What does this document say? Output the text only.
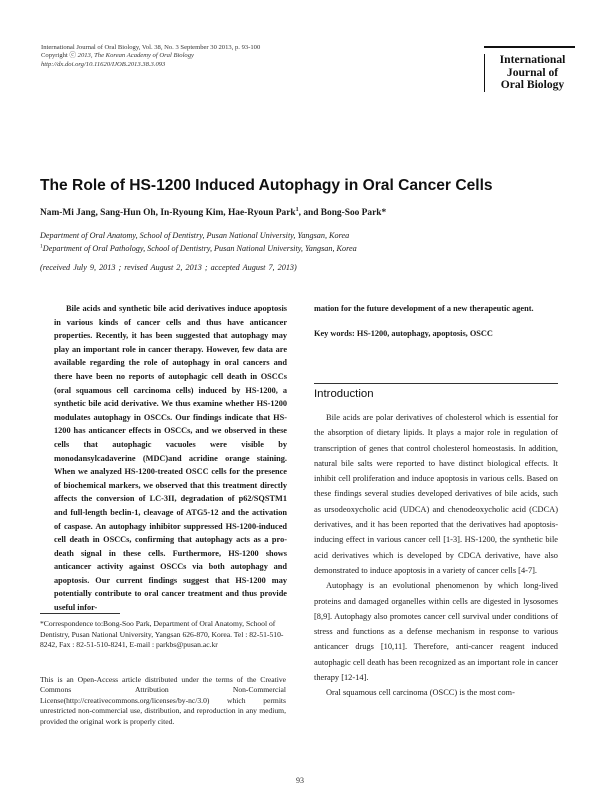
International Journal of Oral Biology, Vol. 38, No. 3 September 30 2013, p. 93-100
Copyright ⓒ 2013, The Korean Academy of Oral Biology
http://dx.doi.org/10.11620/IJOB.2013.38.3.093	International
Journal of
Oral Biology
The Role of HS-1200 Induced Autophagy in Oral Cancer Cells
Nam-Mi Jang, Sang-Hun Oh, In-Ryoung Kim, Hae-Ryoun Park$^1$, and Bong-Soo Park*
Department of Oral Anatomy, School of Dentistry, Pusan National University, Yangsan, Korea
$^1$Department of Oral Pathology, School of Dentistry, Pusan National University, Yangsan, Korea
(received July 9, 2013 ; revised August 2, 2013 ; accepted August 7, 2013)

Bile acids and synthetic bile acid derivatives induce apoptosis in various kinds of cancer cells and thus have anticancer properties. Recently, it has been suggested that autophagy may play an important role in cancer therapy. However, few data are available regarding the role of autophagy in oral cancers and there have been no reports of autophagic cell death in OSCCs (oral squamous cell carcinoma cells) induced by HS-1200, a synthetic bile acid derivative. We thus examine whether HS-1200 modulates autophagy in OSCCs. Our findings indicate that HS-1200 has anticancer effects in OSCCs, and we observed in these cells that autophagic vacuoles were visible by monodansylcadaverine (MDC)and acridine orange staining. When we analyzed HS-1200-treated OSCC cells for the presence of biochemical markers, we observed that this treatment directly affects the conversion of LC-3II, degradation of p62/SQSTM1 and full-length beclin-1, cleavage of ATG5-12 and the activation of caspase. An autophagy inhibitor suppressed HS-1200-induced cell death in OSCCs, confirming that autophagy acts as a pro-death signal in these cells. Furthermore, HS-1200 shows anticancer activity against OSCCs via both autophagy and apoptosis. Our current findings suggest that HS-1200 may potentially contribute to oral cancer treatment and thus provide useful infor-

*Correspondence to:Bong-Soo Park, Department of Oral Anatomy, School of Dentistry, Pusan National University, Yangsan 626-870, Korea. Tel : 82-51-510-8242, Fax : 82-51-510-8241, E-mail : parkbs@pusan.ac.kr
This is an Open-Access article distributed under the terms of the Creative Commons Attribution Non-Commercial License(http://creativecommons.org/licenses/by-nc/3.0) which permits unrestricted non-commercial use, distribution, and reproduction in any medium, provided the original work is properly cited.
mation for the future development of a new therapeutic agent.
Key words: HS-1200, autophagy, apoptosis, OSCC
Introduction

Bile acids are polar derivatives of cholesterol which is essential for the absorption of dietary lipids. It plays a major role in regulation of transcription of genes that control cholesterol homeostasis. In addition, natural bile salts were reported to have distinct biological effects. It inhibit cell proliferation and induce apoptosis in various cells. Based on these findings several studies developed derivatives of bile acids, such as ursodeoxycholic acid (UDCA) and chenodeoxycholic acid (CDCA) derivatives, and it has been reported that the derivatives had apoptosis-inducing effect in various cancer cell [1-3]. HS-1200, the synthetic bile acid derivatives which is developed by CDCA derivative, have also demonstrated to induce apoptosis in a variety of cancer cells [4-7].

Autophagy is an evolutional phenomenon by which long-lived proteins and damaged organelles within cells are digested in lysosomes [8,9]. Autophagy also promotes cancer cell survival under conditions of stress and functions as a defense mechanism in response to various anticancer drugs [10,11]. Therefore, anti-cancer reagent induced autophagic cell death has been recognized as an important role in cancer therapy [12-14].

Oral squamous cell carcinoma (OSCC) is the most com-

93
